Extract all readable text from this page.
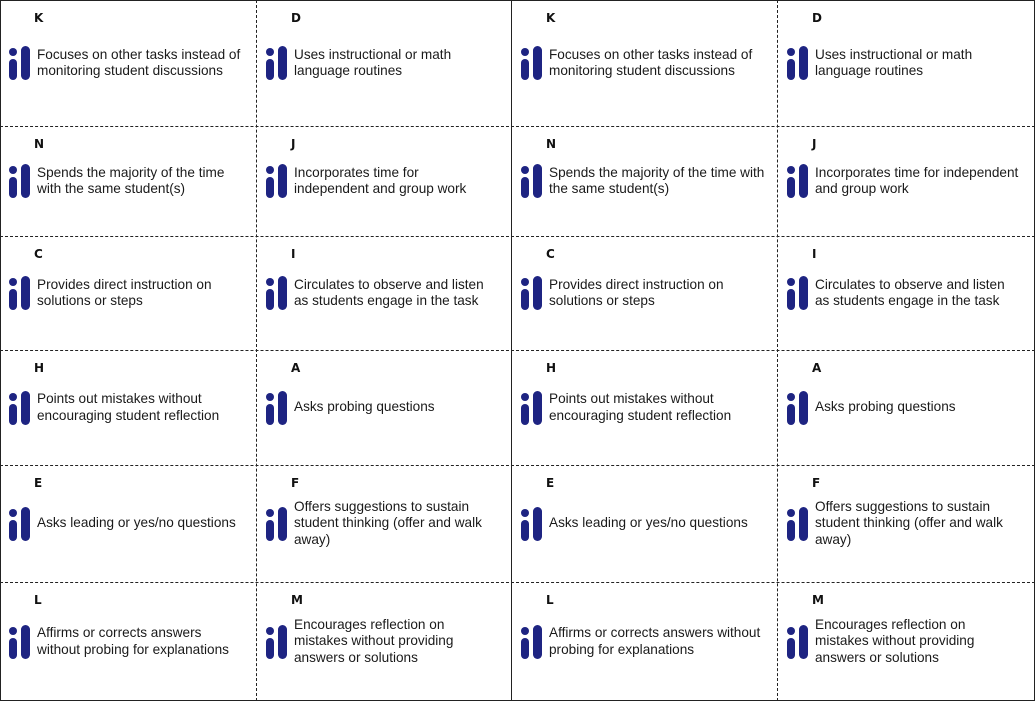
K
Focuses on other tasks instead of monitoring student discussions
N
Spends the majority of the time with the same student(s)
C
Provides direct instruction on solutions or steps
H
Points out mistakes without encouraging student reflection
E
Asks leading or yes/no questions
L
Affirms or corrects answers without probing for explanations
D
Uses instructional or math language routines
J
Incorporates time for independent and group work
I
Circulates to observe and listen as students engage in the task
A
Asks probing questions
F
Offers suggestions to sustain student thinking (offer and walk away)
M
Encourages reflection on mistakes without providing answers or solutions
K
Focuses on other tasks instead of monitoring student discussions
N
Spends the majority of the time with the same student(s)
C
Provides direct instruction on solutions or steps
H
Points out mistakes without encouraging student reflection
E
Asks leading or yes/no questions
L
Affirms or corrects answers without probing for explanations
D
Uses instructional or math language routines
J
Incorporates time for independent and group work
I
Circulates to observe and listen as students engage in the task
A
Asks probing questions
F
Offers suggestions to sustain student thinking (offer and walk away)
M
Encourages reflection on mistakes without providing answers or solutions
